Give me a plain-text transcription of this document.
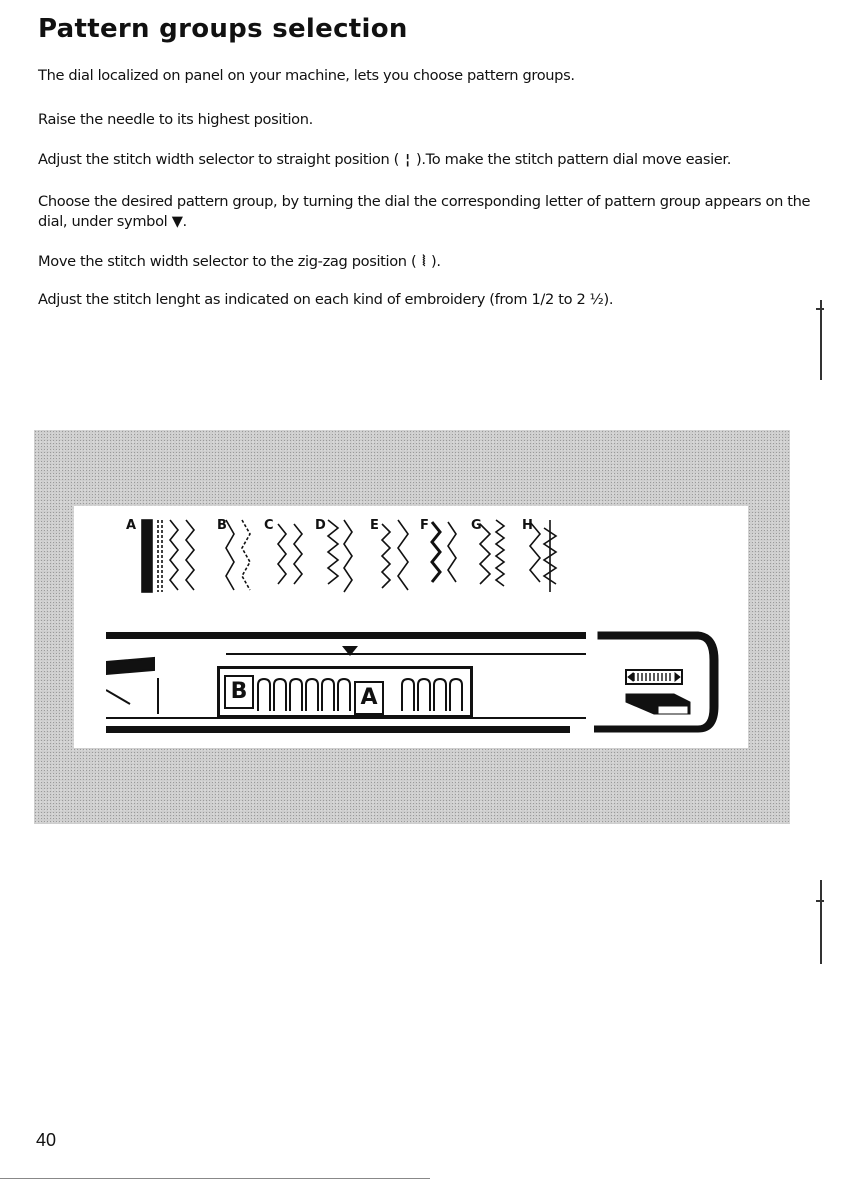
Pattern groups selection

The dial localized on panel on your machine, lets you choose pattern groups.

Raise the needle to its highest position.

Adjust the stitch width selector to straight position ( ¦ ).To make the stitch pattern dial move easier.

Choose the desired pattern group, by turning the dial the corresponding letter of pattern group appears on the dial, under symbol ▼.

Move the stitch width selector to the zig-zag position ( ⦚ ).

Adjust the stitch lenght as indicated on each kind of embroidery (from 1/2 to 2 ½).

A	B	C	D	E	F	G	H
B	A
40
